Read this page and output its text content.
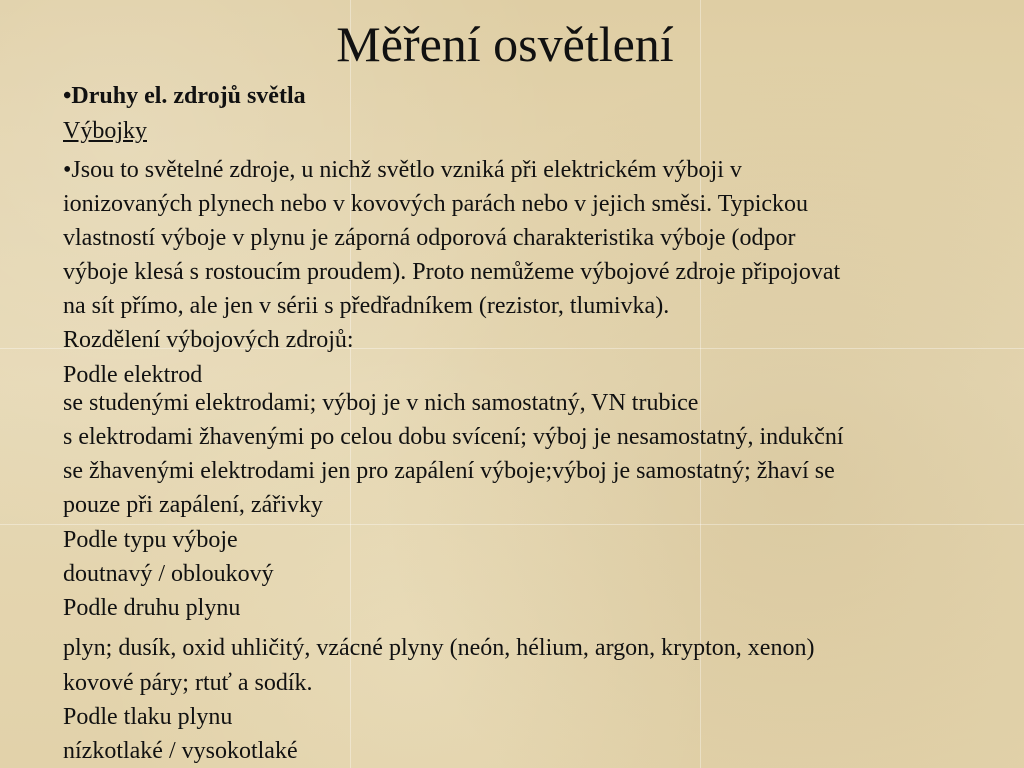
Měření osvětlení
•Druhy el. zdrojů světla
Výbojky
•Jsou to světelné zdroje, u nichž světlo vzniká při elektrickém výboji v
ionizovaných plynech nebo v kovových parách nebo v jejich směsi. Typickou
vlastností výboje v plynu je záporná odporová charakteristika výboje (odpor
výboje klesá s rostoucím proudem). Proto nemůžeme výbojové zdroje připojovat
na sít přímo, ale jen v sérii s předřadníkem (rezistor, tlumivka).
Rozdělení výbojových zdrojů:
Podle elektrod
se studenými elektrodami; výboj je v nich samostatný, VN trubice
s elektrodami žhavenými po celou dobu svícení; výboj je nesamostatný, indukční
se žhavenými elektrodami jen pro zapálení výboje;výboj je samostatný; žhaví se
pouze při zapálení, zářivky
Podle typu výboje
doutnavý / obloukový
Podle druhu plynu
plyn; dusík, oxid uhličitý, vzácné plyny (neón, hélium, argon, krypton, xenon)
kovové páry; rtuť a sodík.
Podle tlaku plynu
nízkotlaké / vysokotlaké
